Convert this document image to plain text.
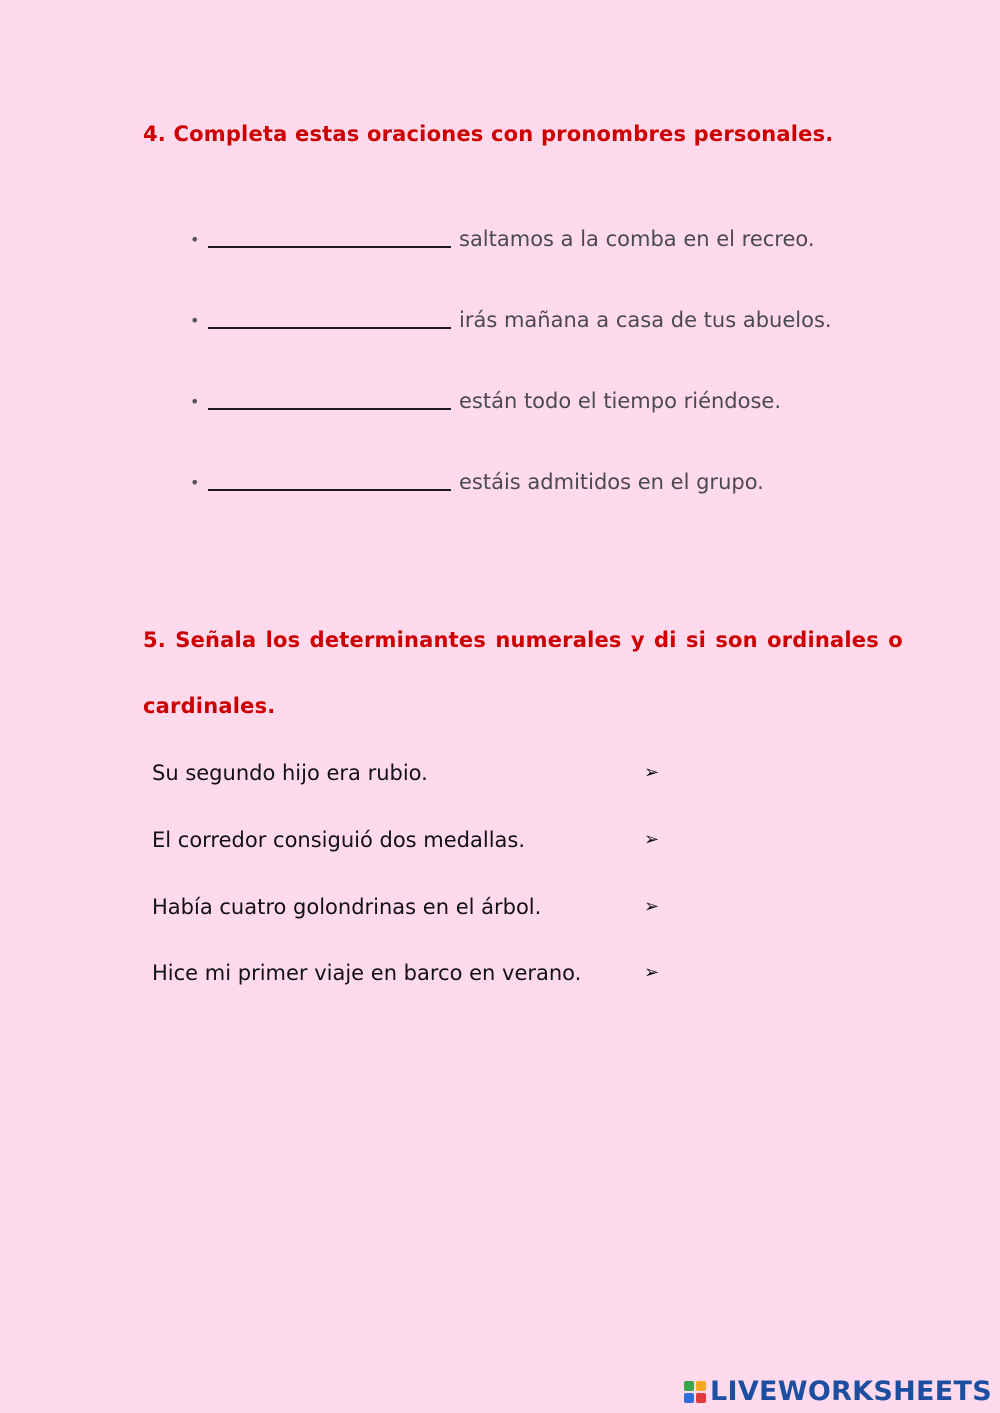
4. Completa estas oraciones con pronombres personales.
•	saltamos a la comba en el recreo.
•	irás mañana a casa de tus abuelos.
•	están todo el tiempo riéndose.
•	estáis admitidos en el grupo.
5. Señala los determinantes numerales y di si son ordinales o
cardinales.
Su segundo hijo era rubio.	➢
El corredor consiguió dos medallas.	➢
Había cuatro golondrinas en el árbol.	➢
Hice mi primer viaje en barco en verano.	➢
LIVEWORKSHEETS
